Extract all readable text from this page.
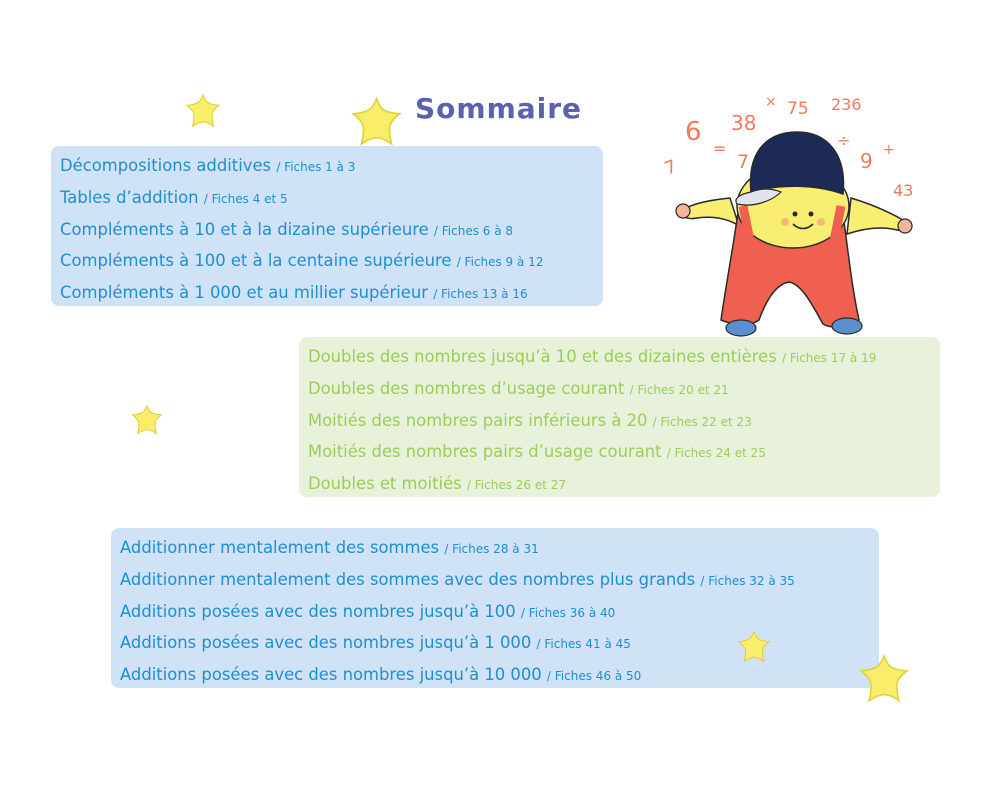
Sommaire
7
6
=
38
× 75 236
7
÷
9 +
43
Décompositions additives / Fiches 1 à 3
Tables d’addition / Fiches 4 et 5
Compléments à 10 et à la dizaine supérieure / Fiches 6 à 8
Compléments à 100 et à la centaine supérieure / Fiches 9 à 12
Compléments à 1 000 et au millier supérieur / Fiches 13 à 16
Doubles des nombres jusqu’à 10 et des dizaines entières / Fiches 17 à 19
Doubles des nombres d’usage courant / Fiches 20 et 21
Moitiés des nombres pairs inférieurs à 20 / Fiches 22 et 23
Moitiés des nombres pairs d’usage courant / Fiches 24 et 25
Doubles et moitiés / Fiches 26 et 27
Additionner mentalement des sommes / Fiches 28 à 31
Additionner mentalement des sommes avec des nombres plus grands / Fiches 32 à 35
Additions posées avec des nombres jusqu’à 100 / Fiches 36 à 40
Additions posées avec des nombres jusqu’à 1 000 / Fiches 41 à 45
Additions posées avec des nombres jusqu’à 10 000 / Fiches 46 à 50
